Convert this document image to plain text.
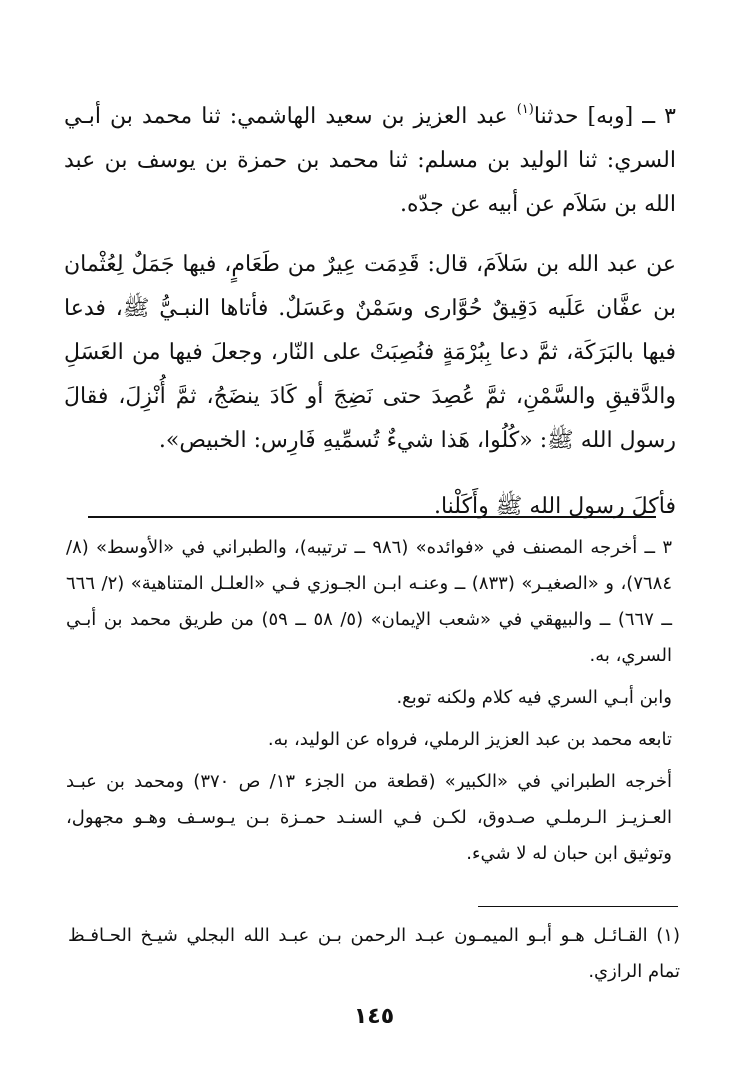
٣ ــ [وبه] حدثنا$^{(١)}$ عبد العزيز بن سعيد الهاشمي: ثنا محمد بن أبـي السري: ثنا الوليد بن مسلم: ثنا محمد بن حمزة بن يوسف بن عبد الله بن سَلاَم عن أبيه عن جدّه.

عن عبد الله بن سَلاَمَ، قال: قَدِمَت عِيرٌ من طَعَامٍ، فيها جَمَلٌ لِعُثْمان بن عفَّان عَلَيه دَقِيقٌ حُوَّارى وسَمْنٌ وعَسَلٌ. فأتاها النبـيُّ ﷺ، فدعا فيها بالبَرَكَة، ثمَّ دعا بِبُرْمَةٍ فنُصِبَتْ على النّار، وجعلَ فيها من العَسَلِ والدَّقيقِ والسَّمْنِ، ثمَّ عُصِدَ حتى نَضِجَ أو كَادَ ينضَجُ، ثمَّ أُنْزِلَ، فقالَ رسول الله ﷺ: «كُلُوا، هَذا شيءٌ تُسمِّيهِ فَارِس: الخبيص».

فأكلَ رسول الله ﷺ وأَكَلْنا.

٣ ــ أخرجه المصنف في «فوائده» (٩٨٦ ــ ترتيبه)، والطبراني في «الأوسط» (٨/ ٧٦٨٤)، و «الصغيـر» (٨٣٣) ــ وعنـه ابـن الجـوزي فـي «العلـل المتناهية» (٢/ ٦٦٦ ــ ٦٦٧) ــ والبيهقي في «شعب الإيمان» (٥/ ٥٨ ــ ٥٩) من طريق محمد بن أبـي السري، به.

وابن أبـي السري فيه كلام ولكنه توبع.

تابعه محمد بن عبد العزيز الرملي، فرواه عن الوليد، به.

أخرجه الطبراني في «الكبير» (قطعة من الجزء ١٣/ ص ٣٧٠) ومحمد بن عبـد العـزيـز الـرملـي صـدوق، لكـن فـي السنـد حمـزة بـن يـوسـف وهـو مجهول، وتوثيق ابن حبان له لا شيء.

(١) القـائـل هـو أبـو الميمـون عبـد الرحمن بـن عبـد الله البجلي شيـخ الحـافـظ تمام الرازي.

١٤٥
